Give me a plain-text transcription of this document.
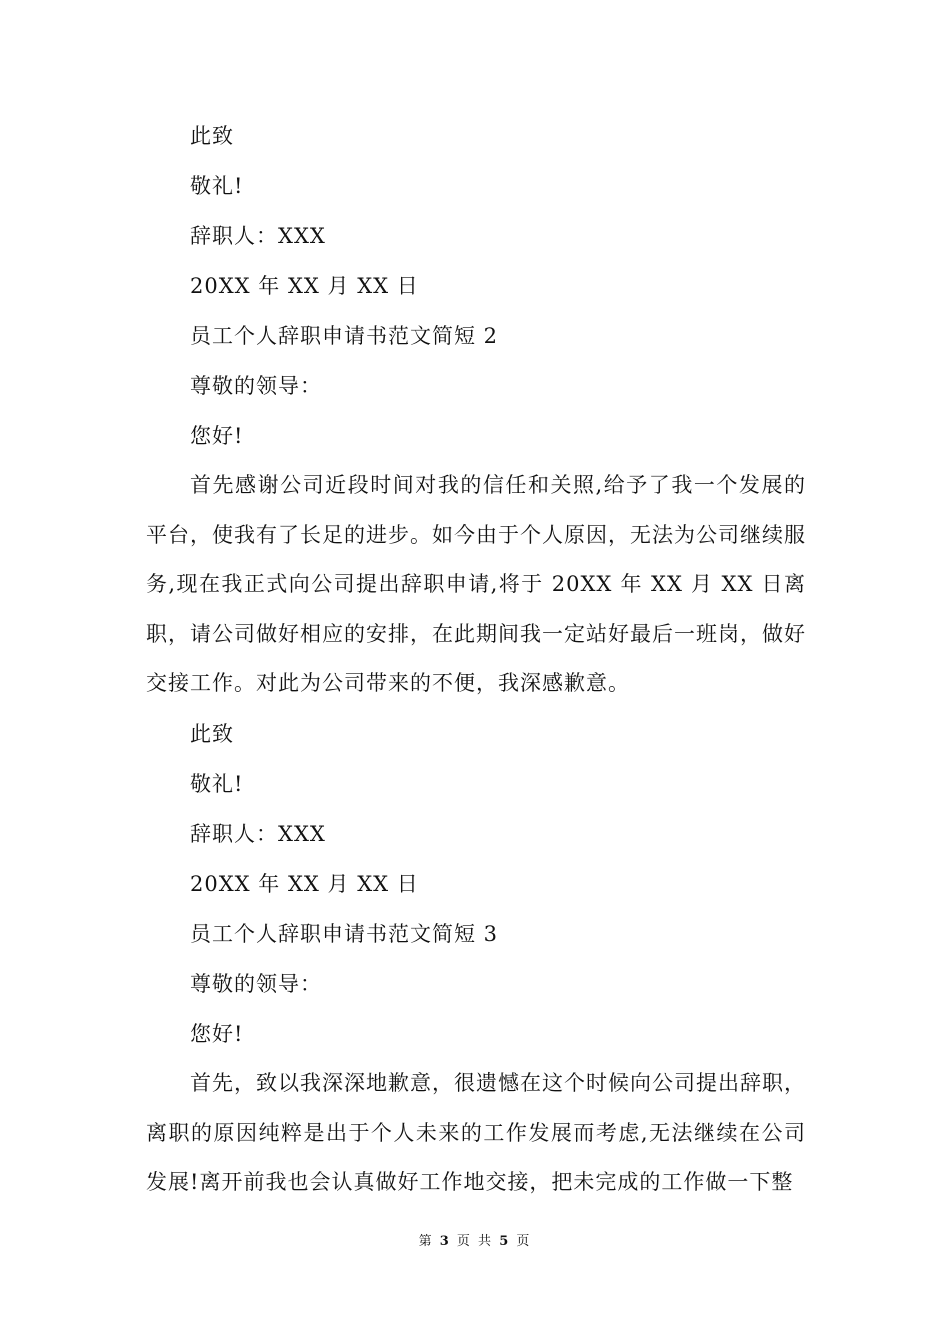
此致
敬礼!
辞职人：XXX
20XX 年 XX 月 XX 日
员工个人辞职申请书范文简短 2
尊敬的领导：
您好!
首先感谢公司近段时间对我的信任和关照,给予了我一个发展的平台，使我有了长足的进步。如今由于个人原因，无法为公司继续服务,现在我正式向公司提出辞职申请,将于 20XX 年 XX 月 XX 日离职，请公司做好相应的安排，在此期间我一定站好最后一班岗，做好交接工作。对此为公司带来的不便，我深感歉意。
此致
敬礼!
辞职人：XXX
20XX 年 XX 月 XX 日
员工个人辞职申请书范文简短 3
尊敬的领导：
您好!
首先，致以我深深地歉意，很遗憾在这个时候向公司提出辞职，离职的原因纯粹是出于个人未来的工作发展而考虑,无法继续在公司发展!离开前我也会认真做好工作地交接，把未完成的工作做一下整
第 3 页 共 5 页
